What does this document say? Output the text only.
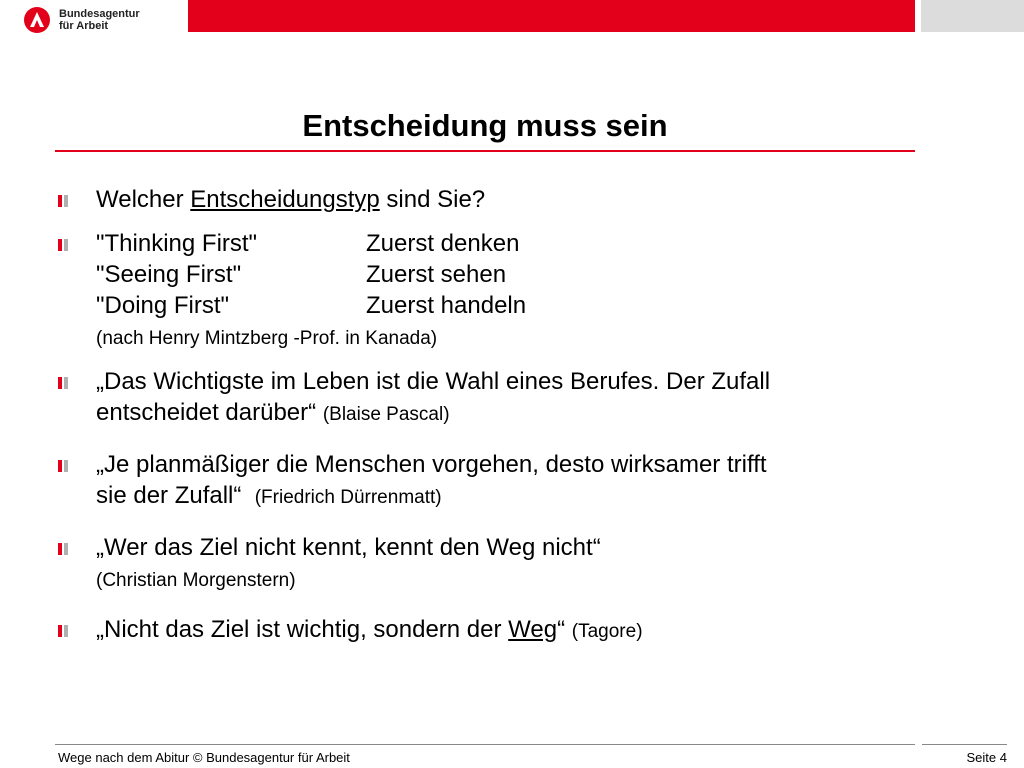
Bundesagentur
für Arbeit
Entscheidung muss sein
Welcher Entscheidungstyp sind Sie?
"Thinking First"	Zuerst denken
"Seeing First"	Zuerst sehen
"Doing First"	Zuerst handeln
(nach Henry Mintzberg -Prof. in Kanada)
„Das Wichtigste im Leben ist die Wahl eines Berufes. Der Zufall
entscheidet darüber“ (Blaise Pascal)
„Je planmäßiger die Menschen vorgehen, desto wirksamer trifft
sie der Zufall“ (Friedrich Dürrenmatt)
„Wer das Ziel nicht kennt, kennt den Weg nicht“
(Christian Morgenstern)
„Nicht das Ziel ist wichtig, sondern der Weg“ (Tagore)
Wege nach dem Abitur © Bundesagentur für Arbeit	Seite 4
